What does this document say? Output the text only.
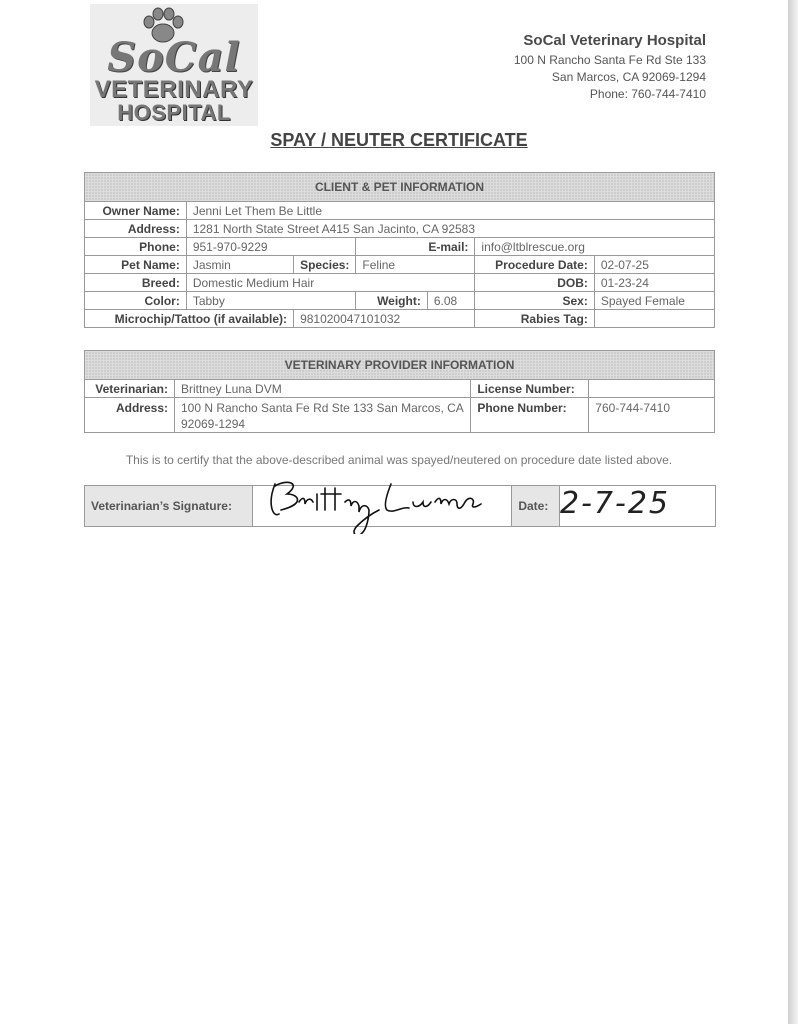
SoCal
VETERINARY
HOSPITAL
SoCal Veterinary Hospital
100 N Rancho Santa Fe Rd Ste 133
San Marcos, CA 92069-1294
Phone: 760-744-7410
SPAY / NEUTER CERTIFICATE
CLIENT & PET INFORMATION						
Owner Name:	Jenni Let Them Be Little					
Address:	1281 North State Street A415 San Jacinto, CA 92583					
Phone:	951-970-9229		E-mail:		info@ltblrescue.org	
Pet Name:	Jasmin	Species:	Feline		Procedure Date:	02-07-25
Breed:	Domestic Medium Hair				DOB:	01-23-24
Color:	Tabby		Weight:	6.08	Sex:	Spayed Female
Microchip/Tattoo (if available):		981020047101032			Rabies Tag:	
VETERINARY PROVIDER INFORMATION			
Veterinarian:	Brittney Luna DVM	License Number:	
Address:	100 N Rancho Santa Fe Rd Ste 133 San Marcos, CA 92069-1294	Phone Number:	760-744-7410
This is to certify that the above-described animal was spayed/neutered on procedure date listed above.
Veterinarian’s Signature:		Date:	
Brittney Luna
2-7-25
